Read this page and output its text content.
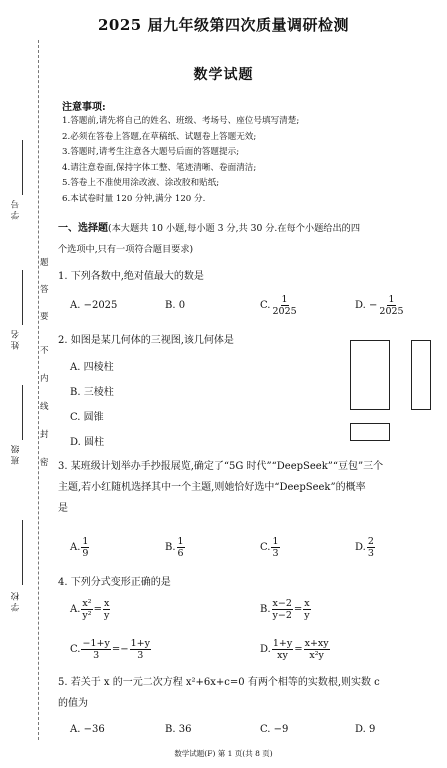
2025 届九年级第四次质量调研检测
数学试题
注意事项:
1.答题前,请先将自己的姓名、班级、考场号、座位号填写清楚;
2.必须在答卷上答题,在草稿纸、试题卷上答题无效;
3.答题时,请考生注意各大题号后面的答题提示;
4.请注意卷面,保持字体工整、笔迹清晰、卷面清洁;
5.答卷上不准使用涂改液、涂改胶和贴纸;
6.本试卷时量 120 分钟,满分 120 分.
学 号
姓 名
班 级
学 校
题
答
要
不
内
线
封
密
一、选择题(本大题共 10 小题,每小题 3 分,共 30 分.在每个小题给出的四
个选项中,只有一项符合题目要求)
1. 下列各数中,绝对值最大的数是
A. −2025	B. 0	C. $\frac{1}{2025}$	D. − $\frac{1}{2025}$
2. 如图是某几何体的三视图,该几何体是
A. 四棱柱
B. 三棱柱
C. 圆锥
D. 圆柱
3. 某班级计划举办手抄报展览,确定了“5G 时代”“DeepSeek”“豆包”三个
主题,若小红随机选择其中一个主题,则她恰好选中“DeepSeek”的概率
是
A. $\frac{1}{9}$	B. $\frac{1}{6}$	C. $\frac{1}{3}$	D. $\frac{2}{3}$
4. 下列分式变形正确的是
A. $\frac{\text{x²}}{\text{y²}} = \frac{x}{y}$	B. $\frac{x-2}{y-2} = \frac{x}{y}$
C. $\frac{-1+y}{3} =- \frac{1+y}{3}$	D. $\frac{1+y}{xy} = \frac{x+xy}{\text{x²y}}$
5. 若关于 x 的一元二次方程 x²+6x+c=0 有两个相等的实数根,则实数 c
的值为
A. −36	B. 36	C. −9	D. 9
数学试题(F) 第 1 页(共 8 页)
